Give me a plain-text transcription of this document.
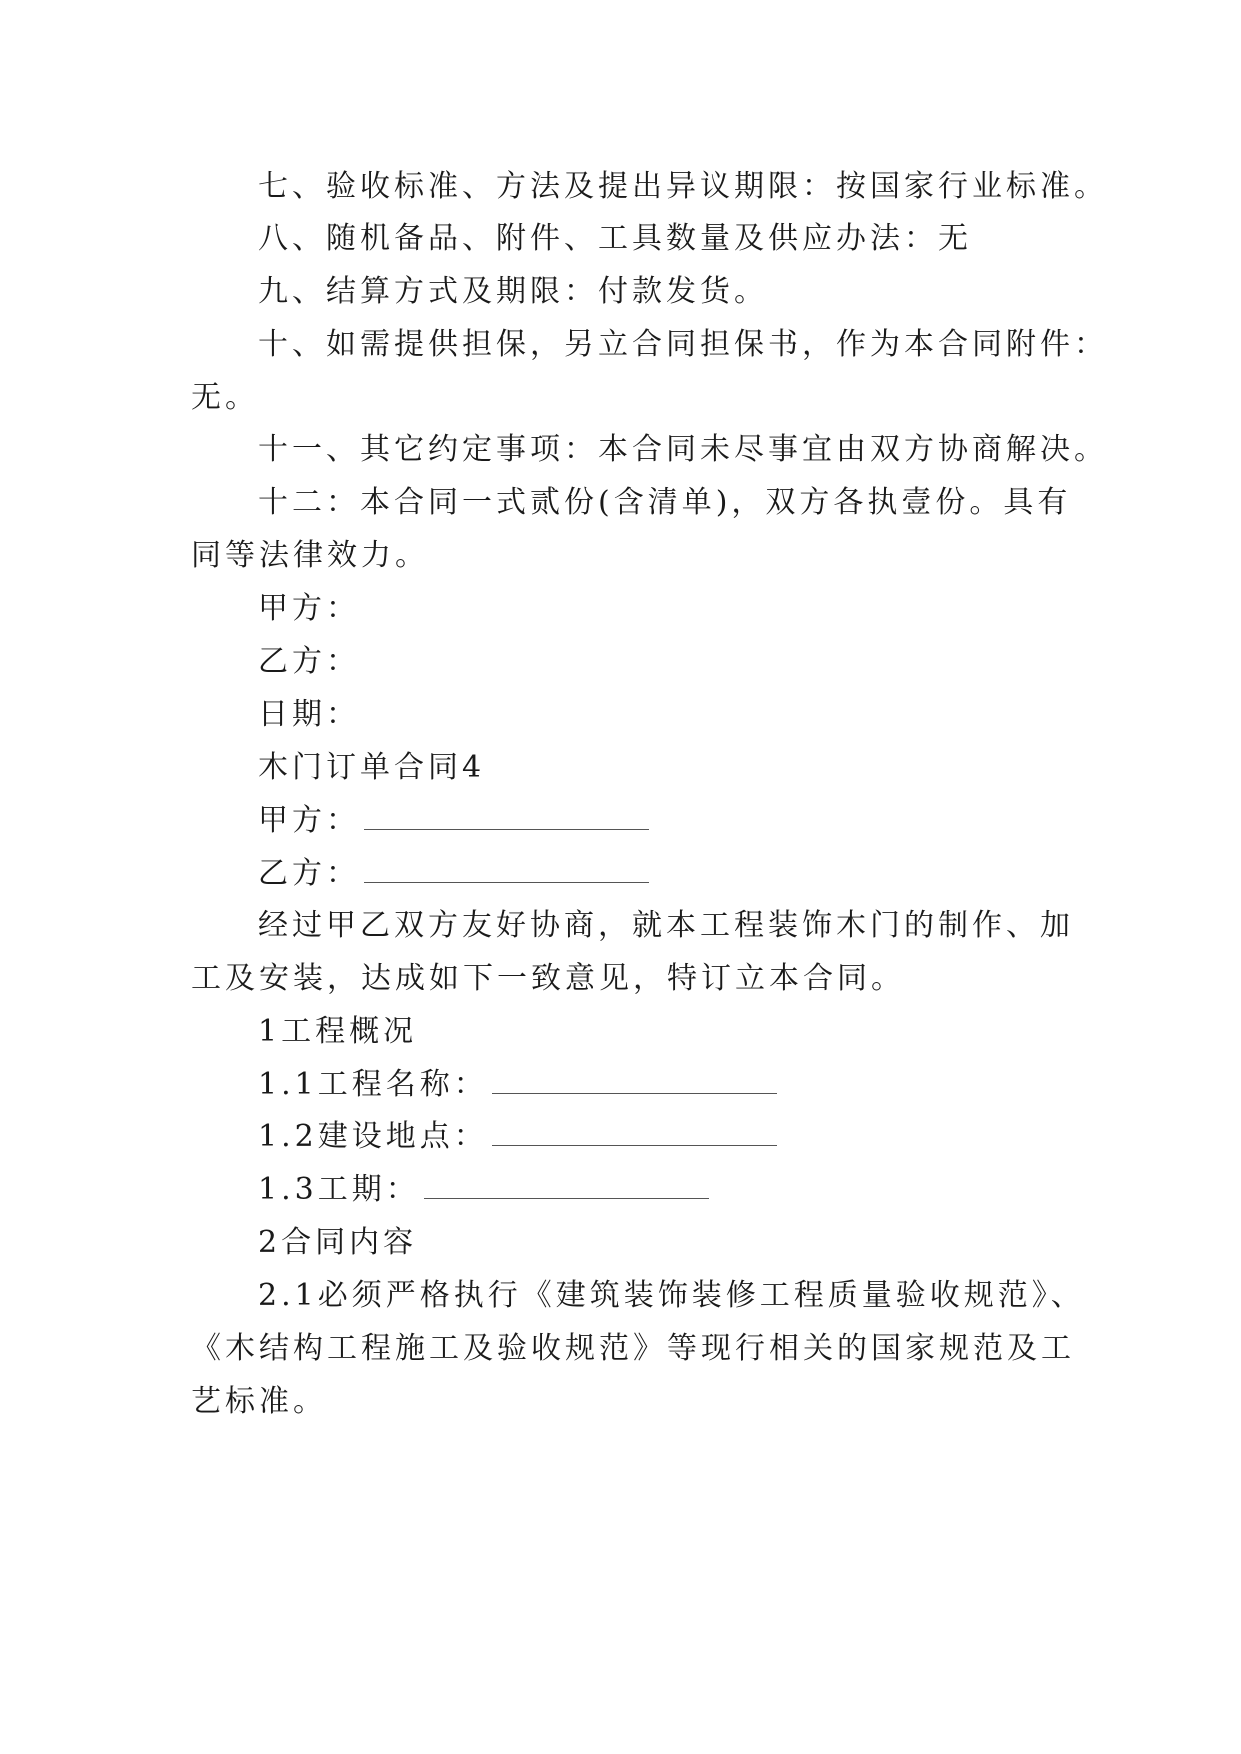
七、验收标准、方法及提出异议期限：按国家行业标准。
八、随机备品、附件、工具数量及供应办法：无
九、结算方式及期限：付款发货。
十、如需提供担保，另立合同担保书，作为本合同附件：
无。
十一、其它约定事项：本合同未尽事宜由双方协商解决。
十二：本合同一式贰份(含清单)，双方各执壹份。具有
同等法律效力。
甲方：
乙方：
日期：
木门订单合同4
甲方：
乙方：
经过甲乙双方友好协商，就本工程装饰木门的制作、加
工及安装，达成如下一致意见，特订立本合同。
1工程概况
1.1工程名称：
1.2建设地点：
1.3工期：
2合同内容
2.1必须严格执行《建筑装饰装修工程质量验收规范》、
《木结构工程施工及验收规范》等现行相关的国家规范及工
艺标准。
